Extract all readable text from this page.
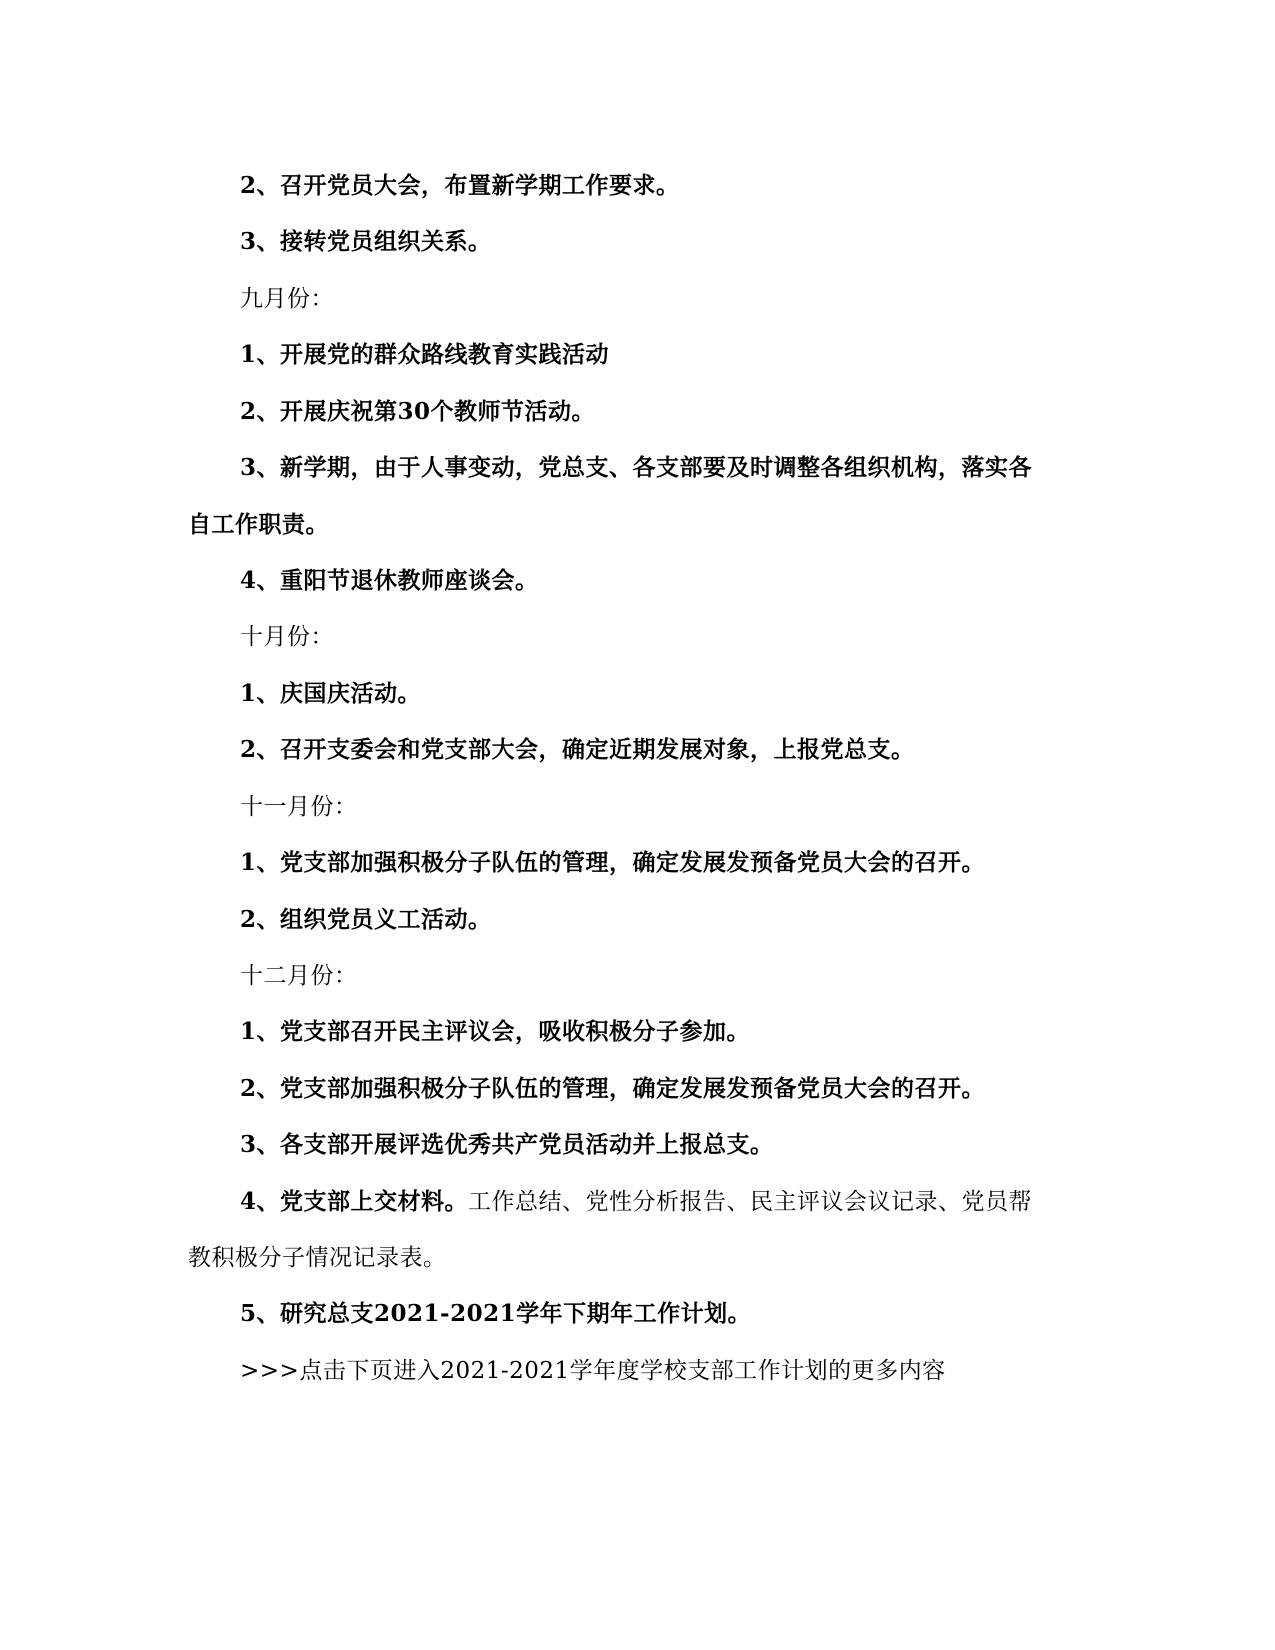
2、召开党员大会，布置新学期工作要求。
3、接转党员组织关系。
九月份：
1、开展党的群众路线教育实践活动
2、开展庆祝第30个教师节活动。
3、新学期，由于人事变动，党总支、各支部要及时调整各组织机构，落实各
自工作职责。
4、重阳节退休教师座谈会。
十月份：
1、庆国庆活动。
2、召开支委会和党支部大会，确定近期发展对象，上报党总支。
十一月份：
1、党支部加强积极分子队伍的管理，确定发展发预备党员大会的召开。
2、组织党员义工活动。
十二月份：
1、党支部召开民主评议会，吸收积极分子参加。
2、党支部加强积极分子队伍的管理，确定发展发预备党员大会的召开。
3、各支部开展评选优秀共产党员活动并上报总支。
4、党支部上交材料。工作总结、党性分析报告、民主评议会议记录、党员帮
教积极分子情况记录表。
5、研究总支2021-2021学年下期年工作计划。
>>>点击下页进入2021-2021学年度学校支部工作计划的更多内容
